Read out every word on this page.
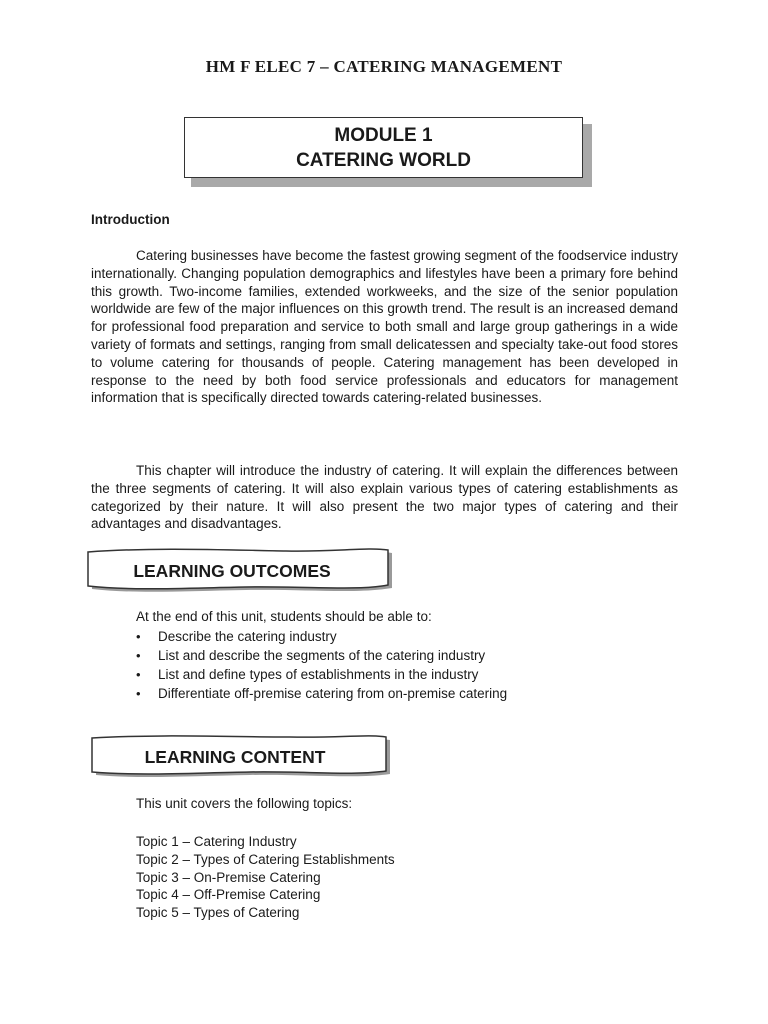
HM F ELEC 7 – CATERING MANAGEMENT
MODULE 1
CATERING WORLD
Introduction

Catering businesses have become the fastest growing segment of the foodservice industry internationally. Changing population demographics and lifestyles have been a primary fore behind this growth. Two-income families, extended workweeks, and the size of the senior population worldwide are few of the major influences on this growth trend. The result is an increased demand for professional food preparation and service to both small and large group gatherings in a wide variety of formats and settings, ranging from small delicatessen and specialty take-out food stores to volume catering for thousands of people. Catering management has been developed in response to the need by both food service professionals and educators for management information that is specifically directed towards catering-related businesses.

This chapter will introduce the industry of catering. It will explain the differences between the three segments of catering. It will also explain various types of catering establishments as categorized by their nature. It will also present the two major types of catering and their advantages and disadvantages.

LEARNING OUTCOMES
At the end of this unit, students should be able to:
• Describe the catering industry
• List and describe the segments of the catering industry
• List and define types of establishments in the industry
• Differentiate off-premise catering from on-premise catering
LEARNING CONTENT
This unit covers the following topics:
Topic 1 – Catering Industry
Topic 2 – Types of Catering Establishments
Topic 3 – On-Premise Catering
Topic 4 – Off-Premise Catering
Topic 5 – Types of Catering
